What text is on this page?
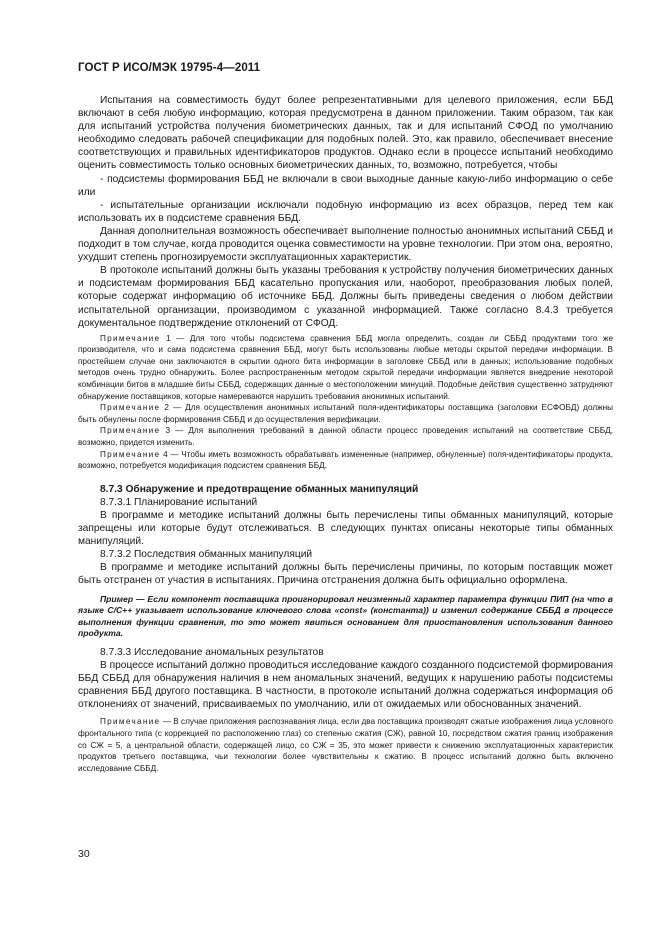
ГОСТ Р ИСО/МЭК 19795-4—2011

Испытания на совместимость будут более репрезентативными для целевого приложения, если ББД включают в себя любую информацию, которая предусмотрена в данном приложении. Таким образом, так как для испытаний устройства получения биометрических данных, так и для испытаний СФОД по умолчанию необходимо следовать рабочей спецификации для подобных полей. Это, как правило, обеспечивает внесение соответствующих и правильных идентификаторов продуктов. Однако если в процессе испытаний необходимо оценить совместимость только основных биометрических данных, то, возможно, потребуется, чтобы

- подсистемы формирования ББД не включали в свои выходные данные какую-либо информацию о себе или

- испытательные организации исключали подобную информацию из всех образцов, перед тем как использовать их в подсистеме сравнения ББД.

Данная дополнительная возможность обеспечивает выполнение полностью анонимных испытаний СББД и подходит в том случае, когда проводится оценка совместимости на уровне технологии. При этом она, вероятно, ухудшит степень прогнозируемости эксплуатационных характеристик.

В протоколе испытаний должны быть указаны требования к устройству получения биометрических данных и подсистемам формирования ББД касательно пропускания или, наоборот, преобразования любых полей, которые содержат информацию об источнике ББД. Должны быть приведены сведения о любом действии испытательной организации, производимом с указанной информацией. Также согласно 8.4.3 требуется документальное подтверждение отклонений от СФОД.

Примечание 1 — Для того чтобы подсистема сравнения ББД могла определить, создан ли СББД продуктами того же производителя, что и сама подсистема сравнения ББД, могут быть использованы любые методы скрытой передачи информации. В простейшем случае они заключаются в скрытии одного бита информации в заголовке СББД или в данных; использование подобных методов очень трудно обнаружить. Более распространенным методом скрытой передачи информации является внедрение некоторой комбинации битов в младшие биты СББД, содержащих данные о местоположении минуций. Подобные действия существенно затрудняют обнаружение поставщиков, которые намереваются нарушить требования анонимных испытаний.

Примечание 2 — Для осуществления анонимных испытаний поля-идентификаторы поставщика (заголовки ЕСФОБД) должны быть обнулены после формирования СББД и до осуществления верификации.

Примечание 3 — Для выполнения требований в данной области процесс проведения испытаний на соответствие СББД, возможно, придется изменить.

Примечание 4 — Чтобы иметь возможность обрабатывать измененные (например, обнуленные) поля-идентификаторы продукта, возможно, потребуется модификация подсистем сравнения ББД.

8.7.3 Обнаружение и предотвращение обманных манипуляций

8.7.3.1 Планирование испытаний

В программе и методике испытаний должны быть перечислены типы обманных манипуляций, которые запрещены или которые будут отслеживаться. В следующих пунктах описаны некоторые типы обманных манипуляций.

8.7.3.2 Последствия обманных манипуляций

В программе и методике испытаний должны быть перечислены причины, по которым поставщик может быть отстранен от участия в испытаниях. Причина отстранения должна быть официально оформлена.

Пример — Если компонент поставщика проигнорировал неизменный характер параметра функции ПИП (на что в языке C/C++ указывает использование ключевого слова «const» (константа)) и изменил содержание СББД в процессе выполнения функции сравнения, то это может явиться основанием для приостановления использования данного продукта.

8.7.3.3 Исследование аномальных результатов

В процессе испытаний должно проводиться исследование каждого созданного подсистемой формирования ББД СББД для обнаружения наличия в нем аномальных значений, ведущих к нарушению работы подсистемы сравнения ББД другого поставщика. В частности, в протоколе испытаний должна содержаться информация об отклонениях от значений, присваиваемых по умолчанию, или от ожидаемых или обоснованных значений.

Примечание — В случае приложения распознавания лица, если два поставщика производят сжатые изображения лица условного фронтального типа (с коррекцией по расположению глаз) со степенью сжатия (СЖ), равной 10, посредством сжатия границ изображения со СЖ = 5, а центральной области, содержащей лицо, со СЖ = 35, это может привести к снижению эксплуатационных характеристик продуктов третьего поставщика, чьи технологии более чувствительны к сжатию. В процесс испытаний должно быть включено исследование СББД.

30
